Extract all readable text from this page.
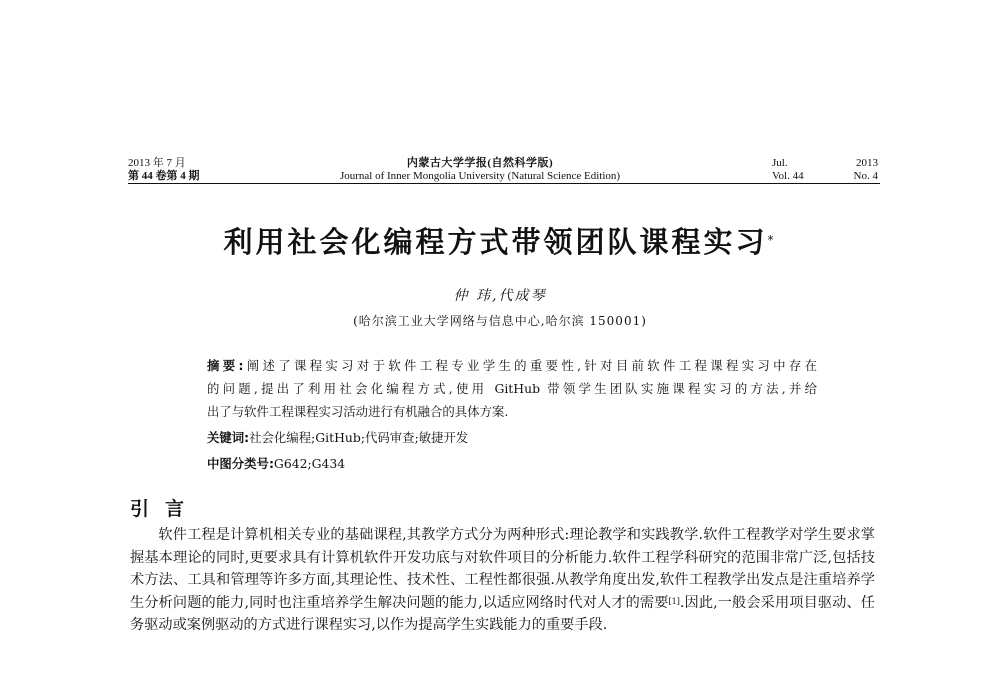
2013 年 7 月
第 44 卷第 4 期
内蒙古大学学报(自然科学版)
Journal of Inner Mongolia University (Natural Science Edition)
Jul.	2013
Vol. 44	No. 4
利用社会化编程方式带领团队课程实习*
仲 玮,代成琴
(哈尔滨工业大学网络与信息中心,哈尔滨 150001)

摘要:阐述了课程实习对于软件工程专业学生的重要性,针对目前软件工程课程实习中存在

的问题,提出了利用社会化编程方式,使用 GitHub 带领学生团队实施课程实习的方法,并给

出了与软件工程课程实习活动进行有机融合的具体方案.

关键词:社会化编程;GitHub;代码审查;敏捷开发
中图分类号:G642;G434
引言

软件工程是计算机相关专业的基础课程,其教学方式分为两种形式:理论教学和实践教学.软件工程教学对学生要求掌握基本理论的同时,更要求具有计算机软件开发功底与对软件项目的分析能力.软件工程学科研究的范围非常广泛,包括技术方法、工具和管理等许多方面,其理论性、技术性、工程性都很强.从教学角度出发,软件工程教学出发点是注重培养学生分析问题的能力,同时也注重培养学生解决问题的能力,以适应网络时代对人才的需要[1].因此,一般会采用项目驱动、任务驱动或案例驱动的方式进行课程实习,以作为提高学生实践能力的重要手段.
